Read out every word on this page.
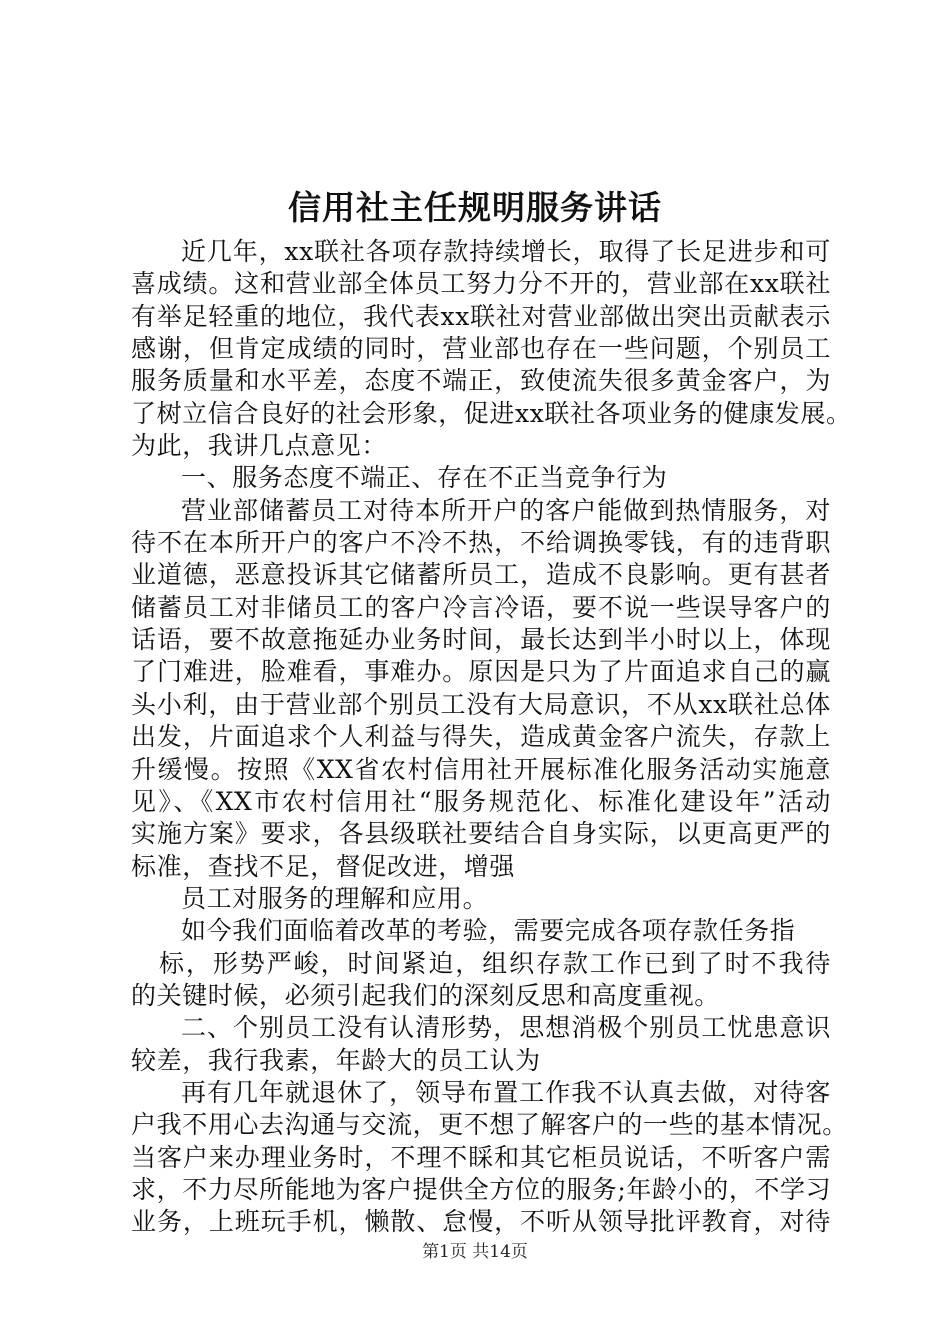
信用社主任规明服务讲话
近几年，xx联社各项存款持续增长，取得了长足进步和可
喜成绩。这和营业部全体员工努力分不开的，营业部在xx联社
有举足轻重的地位，我代表xx联社对营业部做出突出贡献表示
感谢，但肯定成绩的同时，营业部也存在一些问题，个别员工
服务质量和水平差，态度不端正，致使流失很多黄金客户，为
了树立信合良好的社会形象，促进xx联社各项业务的健康发展。
为此，我讲几点意见：
一、服务态度不端正、存在不正当竞争行为
营业部储蓄员工对待本所开户的客户能做到热情服务，对
待不在本所开户的客户不冷不热，不给调换零钱，有的违背职
业道德，恶意投诉其它储蓄所员工，造成不良影响。更有甚者
储蓄员工对非储员工的客户冷言冷语，要不说一些误导客户的
话语，要不故意拖延办业务时间，最长达到半小时以上，体现
了门难进，脸难看，事难办。原因是只为了片面追求自己的赢
头小利，由于营业部个别员工没有大局意识，不从xx联社总体
出发，片面追求个人利益与得失，造成黄金客户流失，存款上
升缓慢。按照《XX省农村信用社开展标准化服务活动实施意
见》、《XX市农村信用社“服务规范化、标准化建设年”活动
实施方案》要求，各县级联社要结合自身实际，以更高更严的
标准，查找不足，督促改进，增强
员工对服务的理解和应用。
如今我们面临着改革的考验，需要完成各项存款任务指
标，形势严峻，时间紧迫，组织存款工作已到了时不我待
的关键时候，必须引起我们的深刻反思和高度重视。
二、个别员工没有认清形势，思想消极个别员工忧患意识
较差，我行我素，年龄大的员工认为
再有几年就退休了，领导布置工作我不认真去做，对待客
户我不用心去沟通与交流，更不想了解客户的一些的基本情况。
当客户来办理业务时，不理不睬和其它柜员说话，不听客户需
求，不力尽所能地为客户提供全方位的服务;年龄小的，不学习
业务，上班玩手机，懒散、怠慢，不听从领导批评教育，对待
第1页 共14页
